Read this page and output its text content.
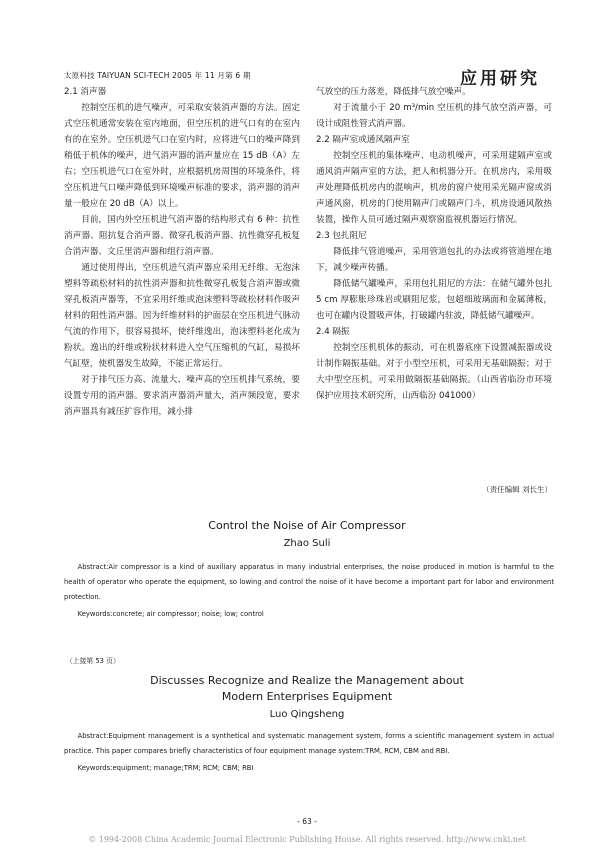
太原科技 TAIYUAN SCI-TECH 2005 年 11 月第 6 期	应用研究

2.1 消声器

控制空压机的进气噪声，可采取安装消声器的方法。固定式空压机通常安装在室内地面，但空压机的进气口有的在室内有的在室外。空压机进气口在室内时，应将进气口的噪声降到稍低于机体的噪声，进气消声器的消声量应在 15 dB（A）左右；空压机进气口在室外时，应根据机房周围的环境条件，将空压机进气口噪声降低到环境噪声标准的要求，消声器的消声量一般应在 20 dB（A）以上。

目前，国内外空压机进气消声器的结构形式有 6 种：抗性消声器、阻抗复合消声器、微穿孔板消声器、抗性微穿孔板复合消声器、文丘里消声器和组行消声器。

通过使用得出，空压机进气消声器应采用无纤维、无泡沫塑料等疏松材料的抗性消声器和抗性微穿孔板复合消声器或微穿孔板消声器等，不宜采用纤维或泡沫塑料等疏松材料作吸声材料的阻性消声器。因为纤维材料的护面层在空压机进气脉动气流的作用下，很容易损坏，使纤维逸出，泡沫塑料老化成为粉状。逸出的纤维或粉状材料进入空气压缩机的气缸，易损坏气缸壁，使机器发生故障，不能正常运行。

对于排气压力高、流量大、噪声高的空压机排气系统，要设置专用的消声器。要求消声器消声量大，消声频段宽，要求消声器具有减压扩容作用，减小排

气放空的压力落差，降低排气放空噪声。

对于流量小于 20 m³/min 空压机的排气放空消声器，可设计成阻性管式消声器。

2.2 隔声室或通风隔声室

控制空压机的集体噪声、电动机噪声，可采用建隔声室或通风消声隔声室的方法，把人和机器分开。在机房内，采用吸声处理降低机房内的混响声，机房的窗户使用采光隔声窗或消声通风窗，机房的门使用隔声门或隔声门斗，机房设通风散热装置，操作人员可通过隔声观察窗监视机器运行情况。

2.3 包扎阻尼

降低排气管道噪声，采用管道包扎的办法或将管道埋在地下，减少噪声传播。

降低储气罐噪声，采用包扎阻尼的方法：在储气罐外包扎 5 cm 厚膨胀珍珠岩或刷阻尼浆，包超细玻璃面和金属薄板，也可在罐内设置吸声体，打破罐内驻波，降低储气罐噪声。

2.4 隔振

控制空压机机体的振动，可在机器底座下设置减振器或设计制作隔振基础。对于小型空压机，可采用无基础隔振；对于大中型空压机，可采用做隔振基础隔振。（山西省临汾市环境保护应用技术研究所，山西临汾 041000）

（责任编辑 刘长生）
Control the Noise of Air Compressor
Zhao Suli

Abstract:Air compressor is a kind of auxiliary apparatus in many industrial enterprises, the noise produced in motion is harmful to the health of operator who operate the equipment, so lowing and control the noise of it have become a important part for labor and environment protection.

Keywords:concrete; air compressor; noise; low; control

（上接第 53 页）
Discusses Recognize and Realize the Management about
Modern Enterprises Equipment
Luo Qingsheng

Abstract:Equipment management is a synthetical and systematic management system, forms a scientific management system in actual practice. This paper compares briefly characteristics of four equipment manage system:TRM, RCM, CBM and RBI.

Keywords:equipment; manage;TRM; RCM; CBM; RBI

- 63 -
© 1994-2008 China Academic Journal Electronic Publishing House. All rights reserved. http://www.cnki.net
